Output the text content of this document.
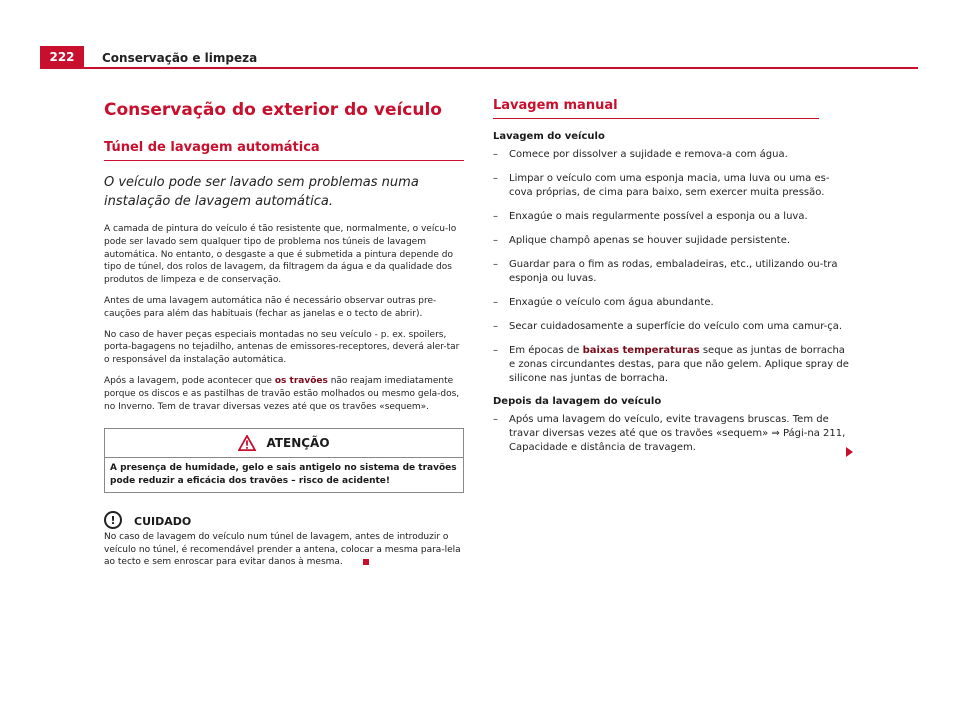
222	Conservação e limpeza
Conservação do exterior do veículo
Túnel de lavagem automática

O veículo pode ser lavado sem problemas numa instalação de lavagem automática.

A camada de pintura do veículo é tão resistente que, normalmente, o veícu-lo pode ser lavado sem qualquer tipo de problema nos túneis de lavagem automática. No entanto, o desgaste a que é submetida a pintura depende do tipo de túnel, dos rolos de lavagem, da filtragem da água e da qualidade dos produtos de limpeza e de conservação.

Antes de uma lavagem automática não é necessário observar outras pre-cauções para além das habituais (fechar as janelas e o tecto de abrir).

No caso de haver peças especiais montadas no seu veículo - p. ex. spoilers, porta-bagagens no tejadilho, antenas de emissores-receptores, deverá aler-tar o responsável da instalação automática.

Após a lavagem, pode acontecer que os travões não reajam imediatamente porque os discos e as pastilhas de travão estão molhados ou mesmo gela-dos, no Inverno. Tem de travar diversas vezes até que os travões «sequem».

ATENÇÃO
A presença de humidade, gelo e sais antigelo no sistema de travões pode reduzir a eficácia dos travões – risco de acidente!
!	CUIDADO
No caso de lavagem do veículo num túnel de lavagem, antes de introduzir o veículo no túnel, é recomendável prender a antena, colocar a mesma para-lela ao tecto e sem enroscar para evitar danos à mesma.
Lavagem manual
Lavagem do veículo
– Comece por dissolver a sujidade e remova-a com água.
– Limpar o veículo com uma esponja macia, uma luva ou uma es-cova próprias, de cima para baixo, sem exercer muita pressão.
– Enxagúe o mais regularmente possível a esponja ou a luva.
– Aplique champô apenas se houver sujidade persistente.
– Guardar para o fim as rodas, embaladeiras, etc., utilizando ou-tra esponja ou luvas.
– Enxagúe o veículo com água abundante.
– Secar cuidadosamente a superfície do veículo com uma camur-ça.
– Em épocas de baixas temperaturas seque as juntas de borracha e zonas circundantes destas, para que não gelem. Aplique spray de silicone nas juntas de borracha.
Depois da lavagem do veículo
– Após uma lavagem do veículo, evite travagens bruscas. Tem de travar diversas vezes até que os travões «sequem» ⇒ Pági-na 211, Capacidade e distância de travagem.
